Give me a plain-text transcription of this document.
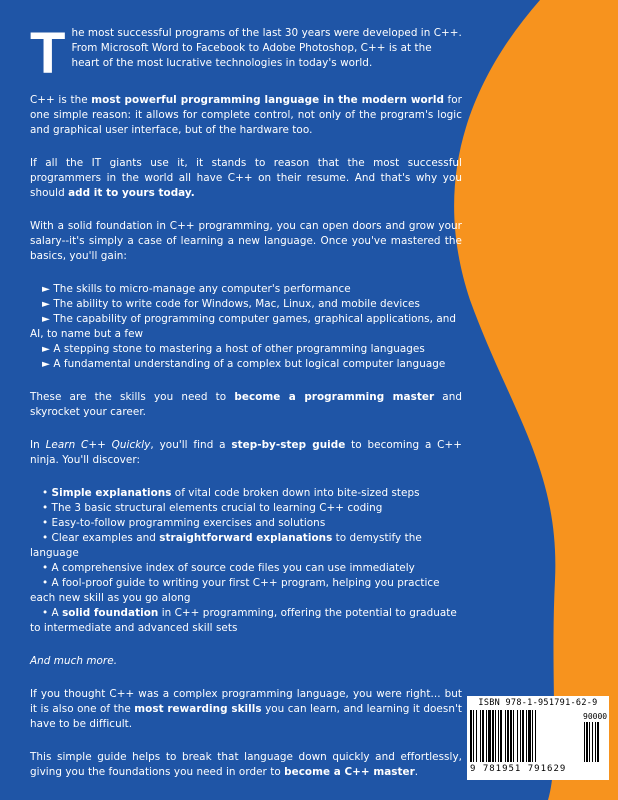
T he most successful programs of the last 30 years were developed in C++. From Microsoft Word to Facebook to Adobe Photoshop, C++ is at the heart of the most lucrative technologies in today's world.
C++ is the most powerful programming language in the modern world for one simple reason: it allows for complete control, not only of the program's logic and graphical user interface, but of the hardware too.
If all the IT giants use it, it stands to reason that the most successful programmers in the world all have C++ on their resume. And that's why you should add it to yours today.
With a solid foundation in C++ programming, you can open doors and grow your salary--it's simply a case of learning a new language. Once you've mastered the basics, you'll gain:
► The skills to micro-manage any computer's performance
► The ability to write code for Windows, Mac, Linux, and mobile devices
► The capability of programming computer games, graphical applications, and AI, to name but a few
► A stepping stone to mastering a host of other programming languages
► A fundamental understanding of a complex but logical computer language
These are the skills you need to become a programming master and skyrocket your career.
In Learn C++ Quickly, you'll find a step-by-step guide to becoming a C++ ninja. You'll discover:
• Simple explanations of vital code broken down into bite-sized steps
• The 3 basic structural elements crucial to learning C++ coding
• Easy-to-follow programming exercises and solutions
• Clear examples and straightforward explanations to demystify the language
• A comprehensive index of source code files you can use immediately
• A fool-proof guide to writing your first C++ program, helping you practice each new skill as you go along
• A solid foundation in C++ programming, offering the potential to graduate to intermediate and advanced skill sets
And much more.
If you thought C++ was a complex programming language, you were right... but it is also one of the most rewarding skills you can learn, and learning it doesn't have to be difficult.
This simple guide helps to break that language down quickly and effortlessly, giving you the foundations you need in order to become a C++ master.
ISBN 978-1-951791-62-9
90000
9 781951 791629
